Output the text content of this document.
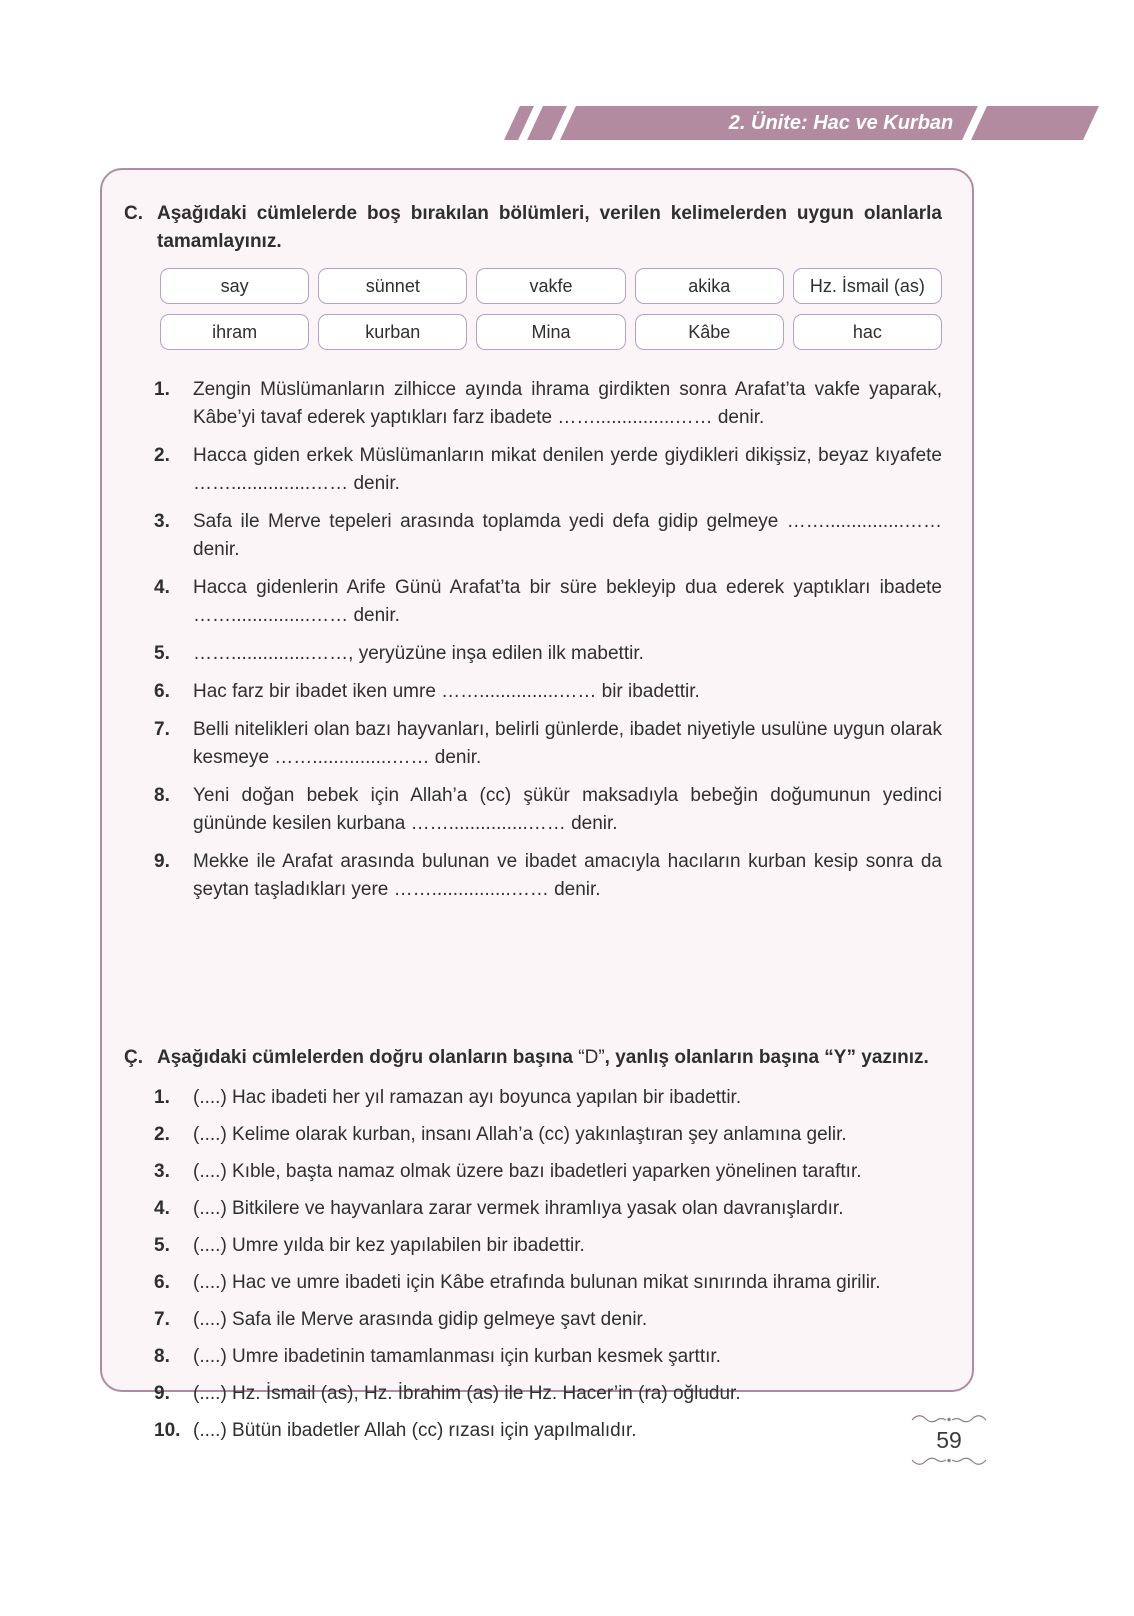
2. Ünite: Hac ve Kurban
C. Aşağıdaki cümlelerde boş bırakılan bölümleri, verilen kelimelerden uygun olanlarla tamamlayınız.
say	sünnet	vakfe	akika	Hz. İsmail (as)
ihram	kurban	Mina	Kâbe	hac
1.	Zengin Müslümanların zilhicce ayında ihrama girdikten sonra Arafat’ta vakfe yaparak, Kâbe’yi tavaf ederek yaptıkları farz ibadete ……...............…… denir.
2.	Hacca giden erkek Müslümanların mikat denilen yerde giydikleri dikişsiz, beyaz kıyafete ……...............…… denir.
3.	Safa ile Merve tepeleri arasında toplamda yedi defa gidip gelmeye ……...............…… denir.
4.	Hacca gidenlerin Arife Günü Arafat’ta bir süre bekleyip dua ederek yaptıkları ibadete ……...............…… denir.
5.	……...............……, yeryüzüne inşa edilen ilk mabettir.
6.	Hac farz bir ibadet iken umre ……...............…… bir ibadettir.
7.	Belli nitelikleri olan bazı hayvanları, belirli günlerde, ibadet niyetiyle usulüne uygun olarak kesmeye ……...............…… denir.
8.	Yeni doğan bebek için Allah’a (cc) şükür maksadıyla bebeğin doğumunun yedinci gününde kesilen kurbana ……...............…… denir.
9.	Mekke ile Arafat arasında bulunan ve ibadet amacıyla hacıların kurban kesip sonra da şeytan taşladıkları yere ……...............…… denir.
Ç. Aşağıdaki cümlelerden doğru olanların başına “D”, yanlış olanların başına “Y” yazınız.
1.	(....) Hac ibadeti her yıl ramazan ayı boyunca yapılan bir ibadettir.
2.	(....) Kelime olarak kurban, insanı Allah’a (cc) yakınlaştıran şey anlamına gelir.
3.	(....) Kıble, başta namaz olmak üzere bazı ibadetleri yaparken yönelinen taraftır.
4.	(....) Bitkilere ve hayvanlara zarar vermek ihramlıya yasak olan davranışlardır.
5.	(....) Umre yılda bir kez yapılabilen bir ibadettir.
6.	(....) Hac ve umre ibadeti için Kâbe etrafında bulunan mikat sınırında ihrama girilir.
7.	(....) Safa ile Merve arasında gidip gelmeye şavt denir.
8.	(....) Umre ibadetinin tamamlanması için kurban kesmek şarttır.
9.	(....) Hz. İsmail (as), Hz. İbrahim (as) ile Hz. Hacer’in (ra) oğludur.
10. (....) Bütün ibadetler Allah (cc) rızası için yapılmalıdır.	59
